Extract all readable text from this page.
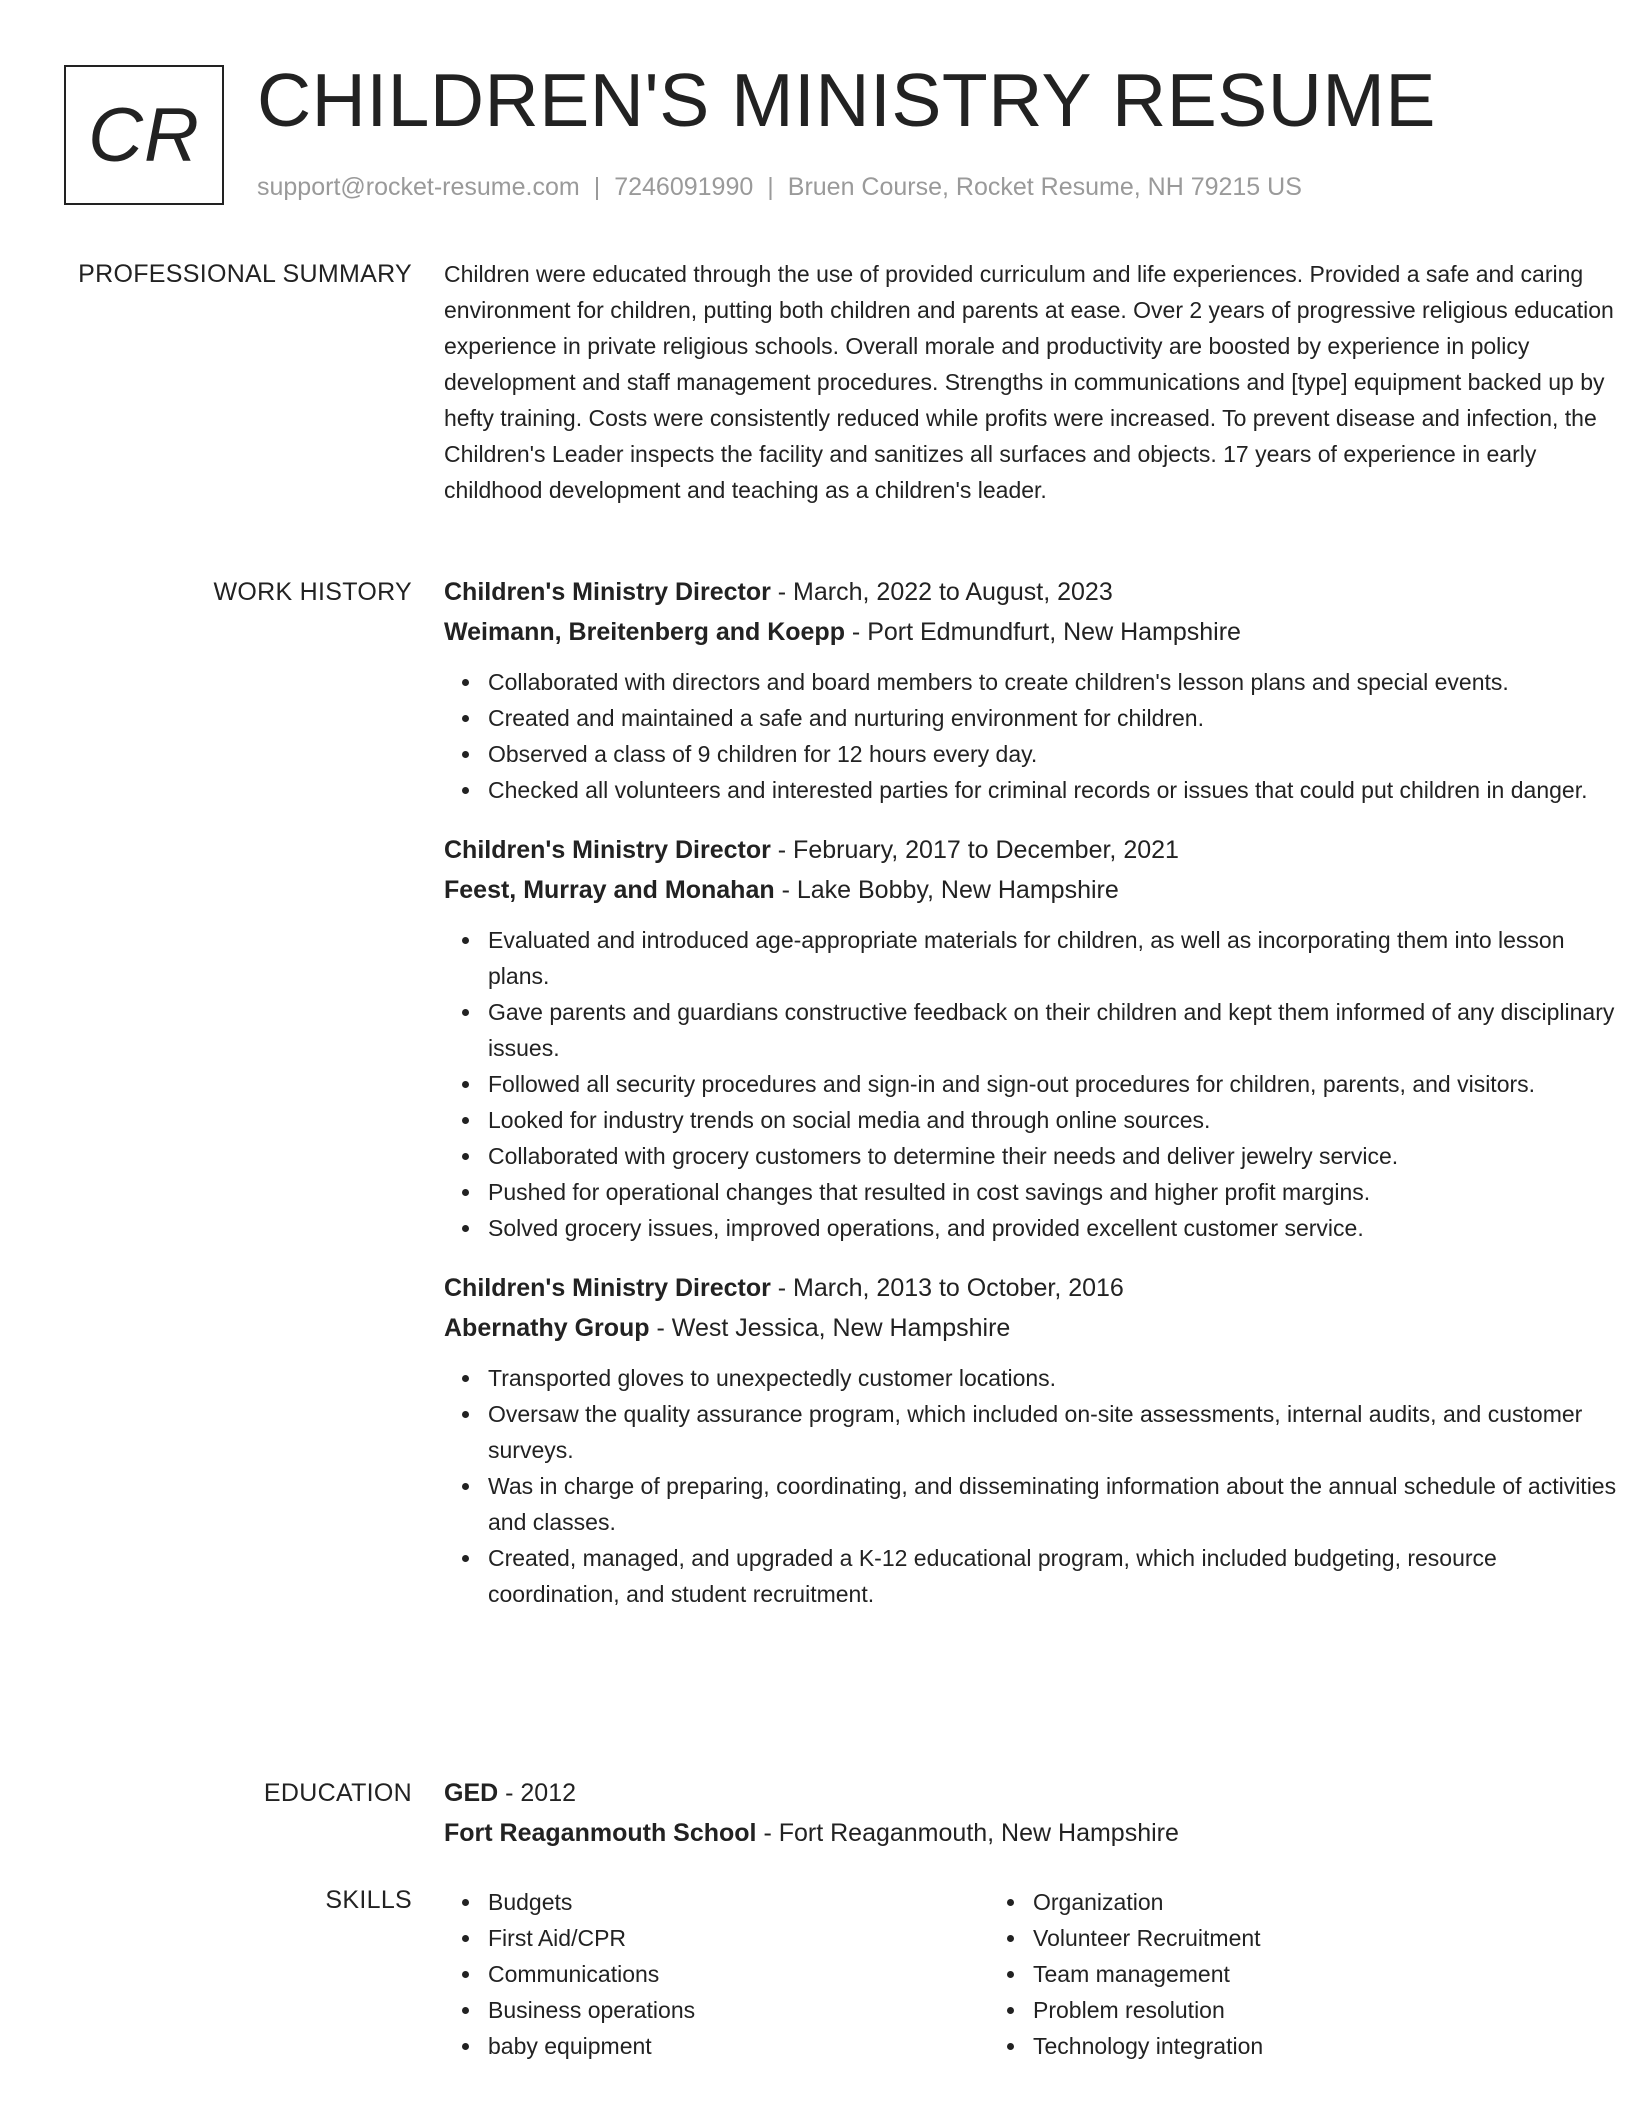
CR CHILDREN'S MINISTRY RESUME
support@rocket-resume.com | 7246091990 | Bruen Course, Rocket Resume, NH 79215 US
PROFESSIONAL SUMMARY Children were educated through the use of provided curriculum and life experiences. Provided a safe and caring environment for children, putting both children and parents at ease. Over 2 years of progressive religious education experience in private religious schools. Overall morale and productivity are boosted by experience in policy development and staff management procedures. Strengths in communications and [type] equipment backed up by hefty training. Costs were consistently reduced while profits were increased. To prevent disease and infection, the Children's Leader inspects the facility and sanitizes all surfaces and objects. 17 years of experience in early childhood development and teaching as a children's leader.

WORK HISTORY Children's Ministry Director - March, 2022 to August, 2023
Weimann, Breitenberg and Koepp - Port Edmundfurt, New Hampshire
Collaborated with directors and board members to create children's lesson plans and special events.
Created and maintained a safe and nurturing environment for children.
Observed a class of 9 children for 12 hours every day.
Checked all volunteers and interested parties for criminal records or issues that could put children in danger.
Children's Ministry Director - February, 2017 to December, 2021
Feest, Murray and Monahan - Lake Bobby, New Hampshire
Evaluated and introduced age-appropriate materials for children, as well as incorporating them into lesson plans.
Gave parents and guardians constructive feedback on their children and kept them informed of any disciplinary issues.
Followed all security procedures and sign-in and sign-out procedures for children, parents, and visitors.
Looked for industry trends on social media and through online sources.
Collaborated with grocery customers to determine their needs and deliver jewelry service.
Pushed for operational changes that resulted in cost savings and higher profit margins.
Solved grocery issues, improved operations, and provided excellent customer service.
Children's Ministry Director - March, 2013 to October, 2016
Abernathy Group - West Jessica, New Hampshire
Transported gloves to unexpectedly customer locations.
Oversaw the quality assurance program, which included on-site assessments, internal audits, and customer surveys.
Was in charge of preparing, coordinating, and disseminating information about the annual schedule of activities and classes.
Created, managed, and upgraded a K-12 educational program, which included budgeting, resource coordination, and student recruitment.
EDUCATION GED - 2012
Fort Reaganmouth School - Fort Reaganmouth, New Hampshire
SKILLS	Budgets
First Aid/CPR
Communications
Business operations
baby equipment
Organization
Volunteer Recruitment
Team management
Problem resolution
Technology integration
